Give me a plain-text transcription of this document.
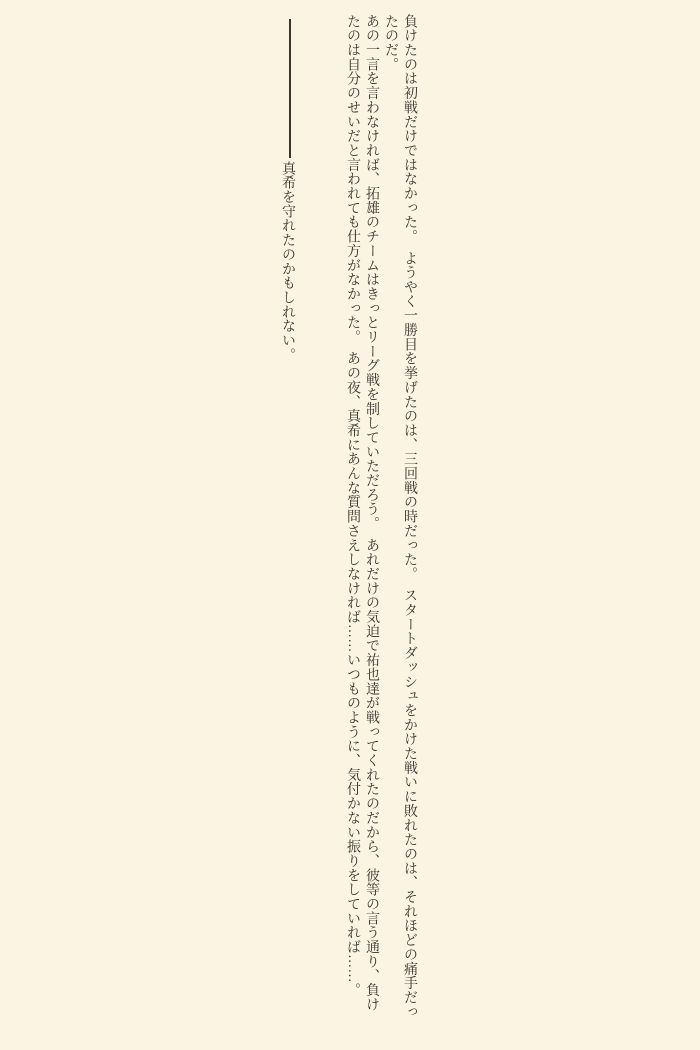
負けたのは初戦だけではなかった。　ようやく一勝目を挙げたのは、三回戦の時だった。　スタートダッシュをかけた戦いに敗れたのは、それほどの痛手だっ

たのだ。

あの一言を言わなければ、拓雄のチームはきっとリーグ戦を制していただろう。　あれだけの気迫で祐也達が戦ってくれたのだから、彼等の言う通り、負け

たのは自分のせいだと言われても仕方がなかった。　あの夜、真希にあんな質問さえしなければ……いつものように、気付かない振りをしていれば……。

真希を守れたのかもしれない。
